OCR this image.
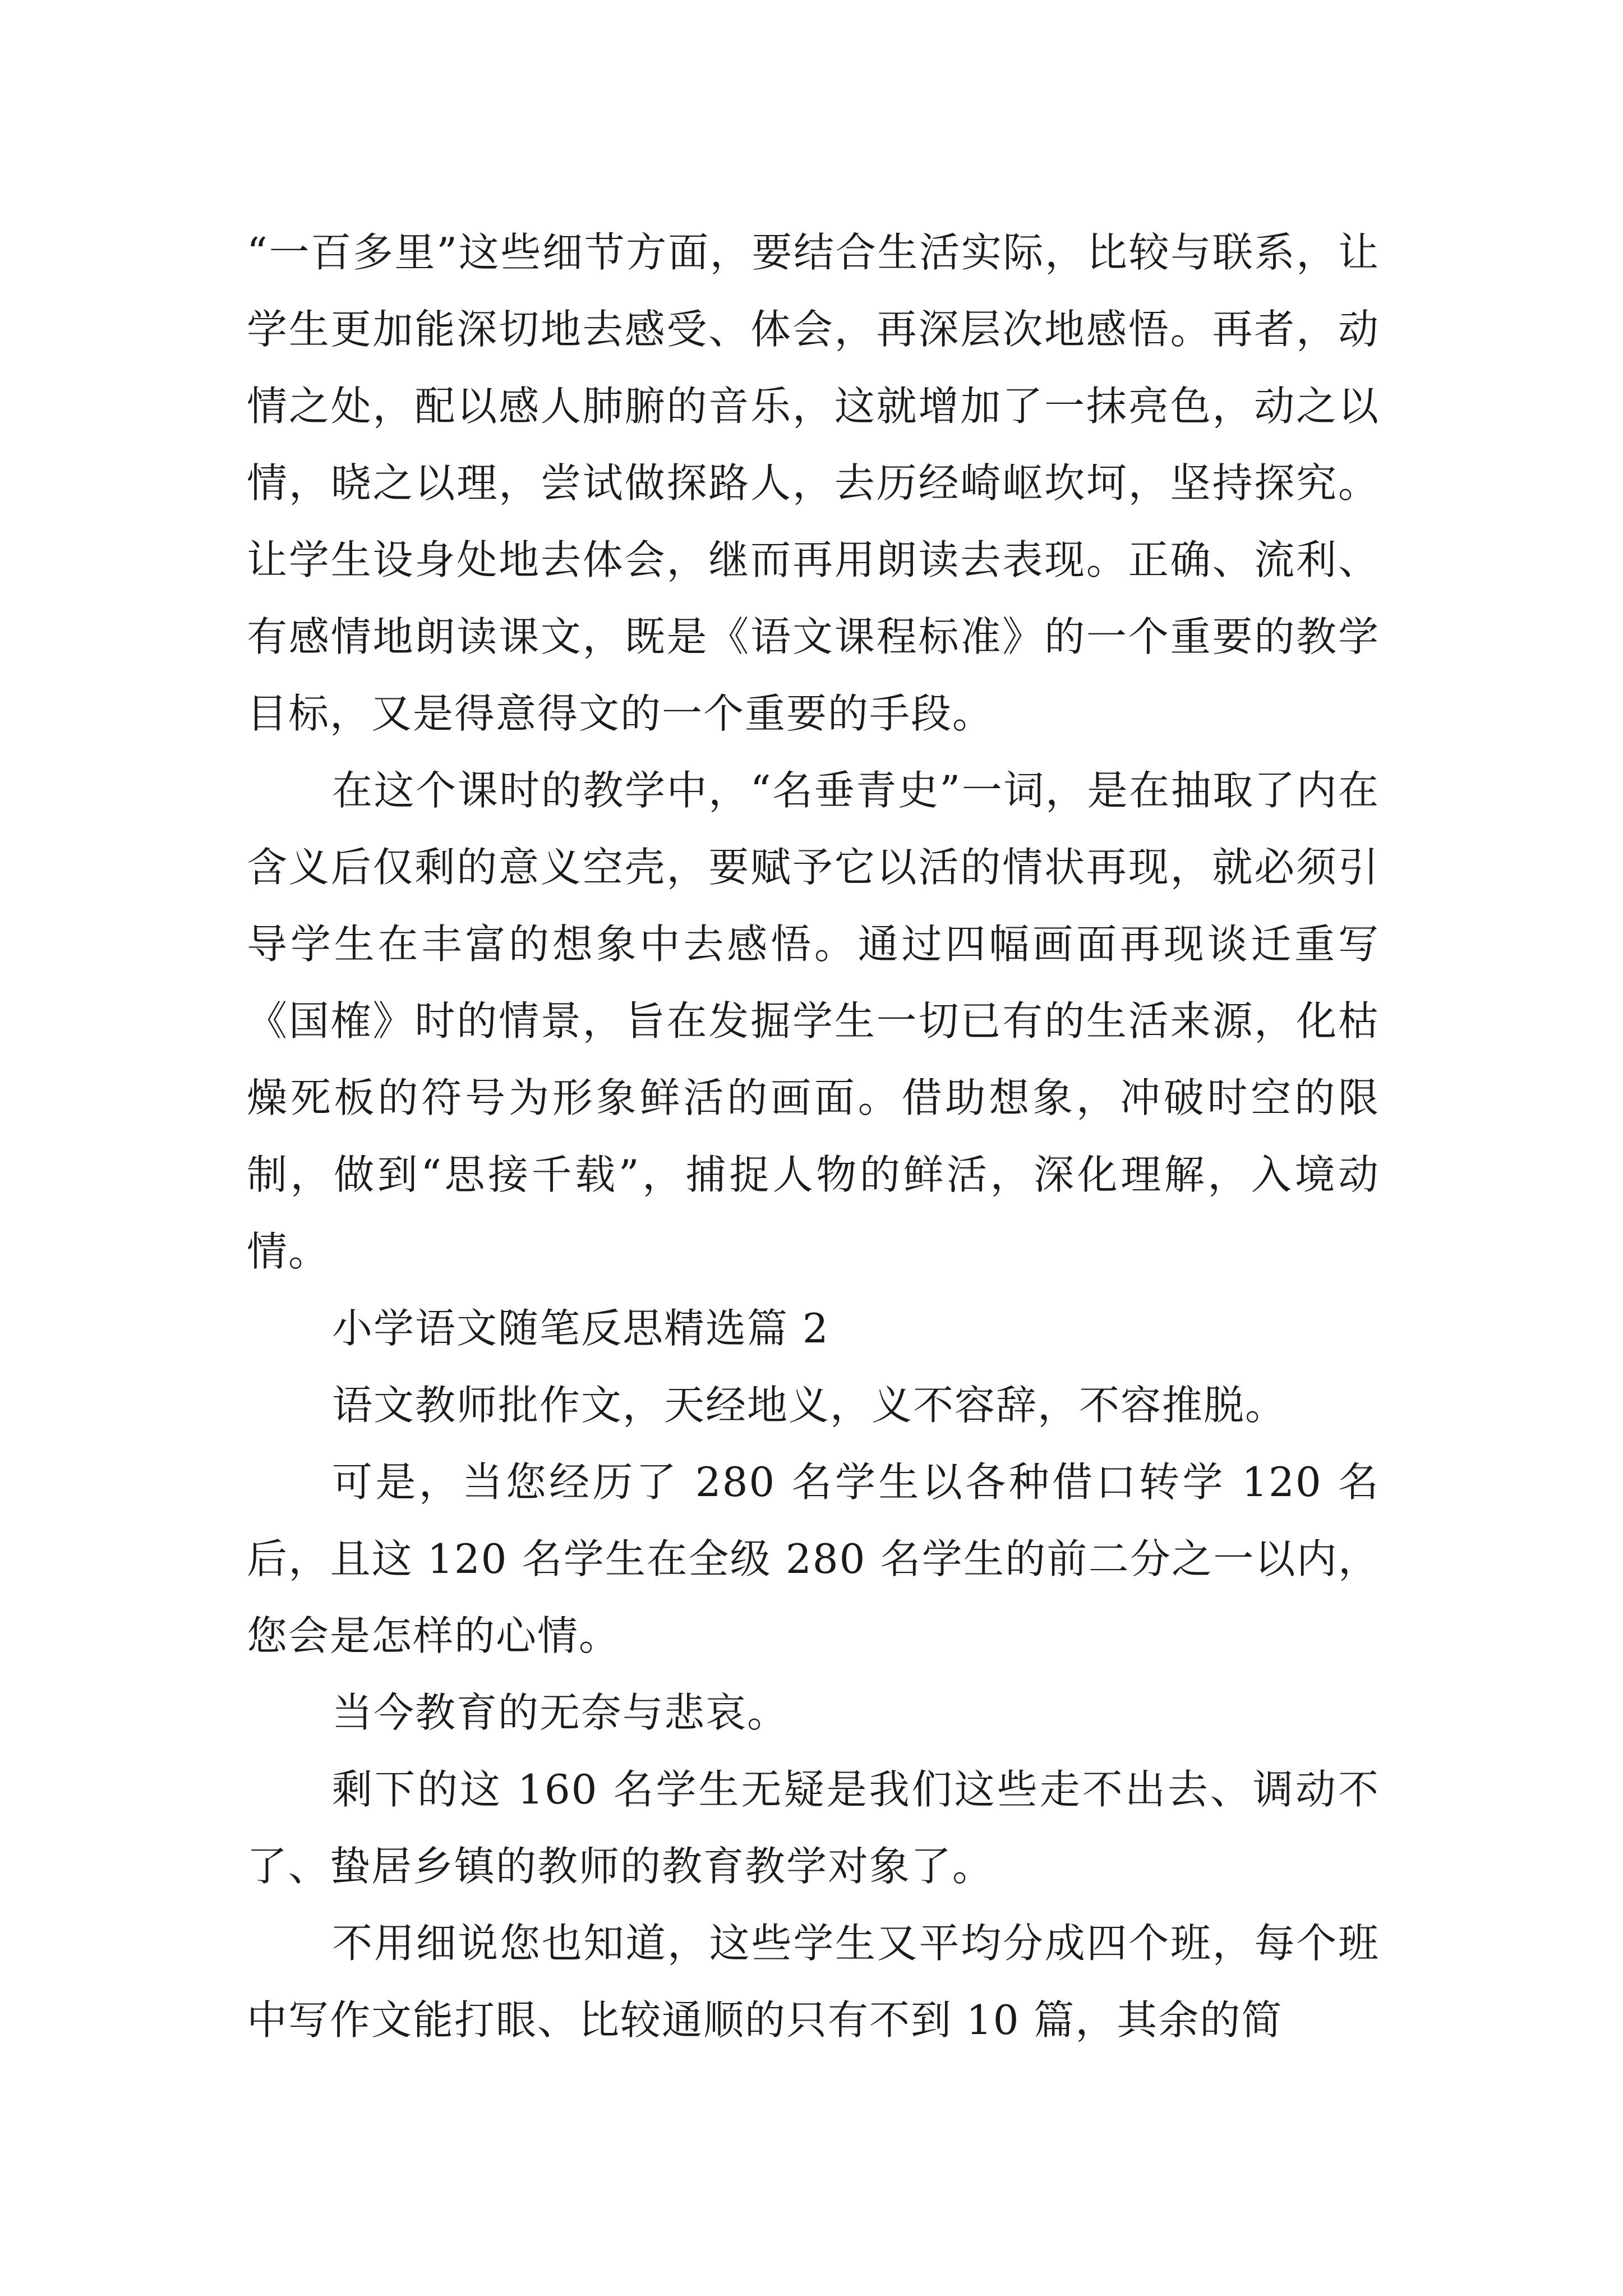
“一百多里”这些细节方面，要结合生活实际，比较与联系，让学生更加能深切地去感受、体会，再深层次地感悟。再者，动情之处，配以感人肺腑的音乐，这就增加了一抹亮色，动之以情，晓之以理，尝试做探路人，去历经崎岖坎坷，坚持探究。让学生设身处地去体会，继而再用朗读去表现。正确、流利、有感情地朗读课文，既是《语文课程标准》的一个重要的教学目标，又是得意得文的一个重要的手段。

在这个课时的教学中，“名垂青史”一词，是在抽取了内在含义后仅剩的意义空壳，要赋予它以活的情状再现，就必须引导学生在丰富的想象中去感悟。通过四幅画面再现谈迁重写《国榷》时的情景，旨在发掘学生一切已有的生活来源，化枯燥死板的符号为形象鲜活的画面。借助想象，冲破时空的限制，做到“思接千载”，捕捉人物的鲜活，深化理解，入境动情。

小学语文随笔反思精选篇 2

语文教师批作文，天经地义，义不容辞，不容推脱。

可是，当您经历了 280 名学生以各种借口转学 120 名后，且这 120 名学生在全级 280 名学生的前二分之一以内，您会是怎样的心情。

当今教育的无奈与悲哀。

剩下的这 160 名学生无疑是我们这些走不出去、调动不了、蛰居乡镇的教师的教育教学对象了。

不用细说您也知道，这些学生又平均分成四个班，每个班中写作文能打眼、比较通顺的只有不到 10 篇，其余的简
